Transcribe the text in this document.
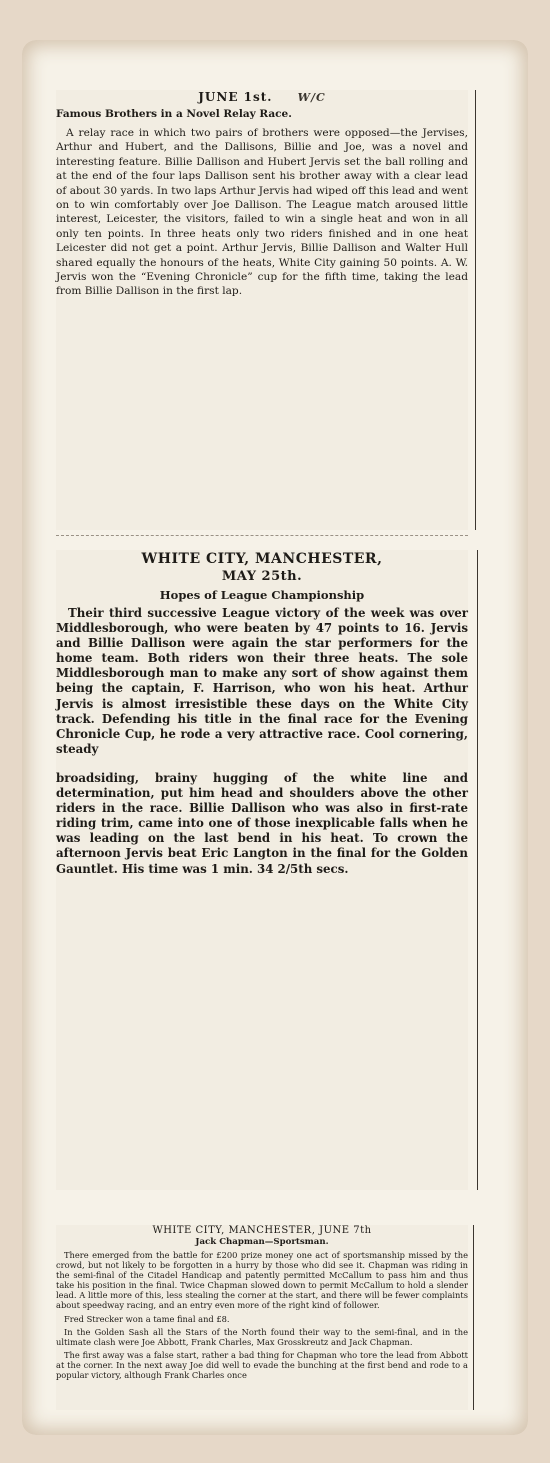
JUNE 1st. W/C
Famous Brothers in a Novel Relay Race.

A relay race in which two pairs of brothers were opposed—the Jervises, Arthur and Hubert, and the Dallisons, Billie and Joe, was a novel and interesting feature. Billie Dallison and Hubert Jervis set the ball rolling and at the end of the four laps Dallison sent his brother away with a clear lead of about 30 yards. In two laps Arthur Jervis had wiped off this lead and went on to win comfortably over Joe Dallison. The League match aroused little interest, Leicester, the visitors, failed to win a single heat and won in all only ten points. In three heats only two riders finished and in one heat Leicester did not get a point. Arthur Jervis, Billie Dallison and Walter Hull shared equally the honours of the heats, White City gaining 50 points. A. W. Jervis won the “Evening Chronicle” cup for the fifth time, taking the lead from Billie Dallison in the first lap.

WHITE CITY, MANCHESTER,
MAY 25th.
Hopes of League Championship

Their third successive League victory of the week was over Middlesborough, who were beaten by 47 points to 16. Jervis and Billie Dallison were again the star performers for the home team. Both riders won their three heats. The sole Middlesborough man to make any sort of show against them being the captain, F. Harrison, who won his heat. Arthur Jervis is almost irresistible these days on the White City track. Defending his title in the final race for the Evening Chronicle Cup, he rode a very attractive race. Cool cornering, steady

broadsiding, brainy hugging of the white line and determination, put him head and shoulders above the other riders in the race. Billie Dallison who was also in first-rate riding trim, came into one of those inexplicable falls when he was leading on the last bend in his heat. To crown the afternoon Jervis beat Eric Langton in the final for the Golden Gauntlet. His time was 1 min. 34 2/5th secs.

WHITE CITY, MANCHESTER, JUNE 7th
Jack Chapman—Sportsman.

There emerged from the battle for £200 prize money one act of sportsmanship missed by the crowd, but not likely to be forgotten in a hurry by those who did see it. Chapman was riding in the semi-final of the Citadel Handicap and patently permitted McCallum to pass him and thus take his position in the final. Twice Chapman slowed down to permit McCallum to hold a slender lead. A little more of this, less stealing the corner at the start, and there will be fewer complaints about speedway racing, and an entry even more of the right kind of follower.

Fred Strecker won a tame final and £8.

In the Golden Sash all the Stars of the North found their way to the semi-final, and in the ultimate clash were Joe Abbott, Frank Charles, Max Grosskreutz and Jack Chapman.

The first away was a false start, rather a bad thing for Chapman who tore the lead from Abbott at the corner. In the next away Joe did well to evade the bunching at the first bend and rode to a popular victory, although Frank Charles once
